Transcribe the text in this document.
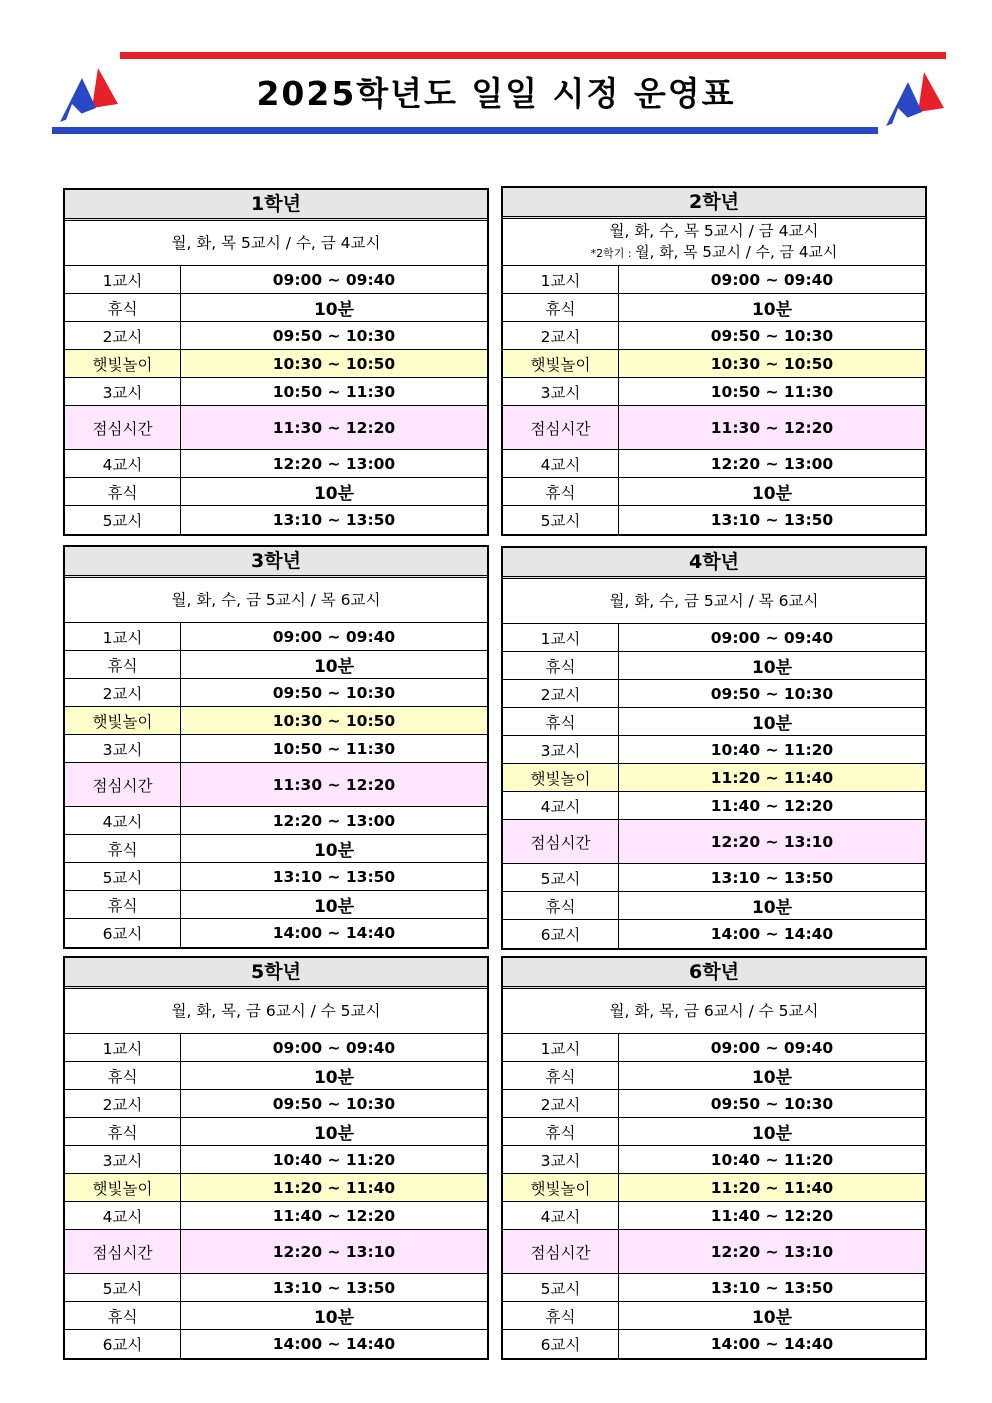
2025학년도 일일 시정 운영표
1학년
월, 화, 목 5교시 / 수, 금 4교시
1교시	09:00 ~ 09:40
휴식	10분
2교시	09:50 ~ 10:30
햇빛놀이	10:30 ~ 10:50
3교시	10:50 ~ 11:30
점심시간	11:30 ~ 12:20
4교시	12:20 ~ 13:00
휴식	10분
5교시	13:10 ~ 13:50
2학년
월, 화, 수, 목 5교시 / 금 4교시
*2학기 : 월, 화, 목 5교시 / 수, 금 4교시
1교시	09:00 ~ 09:40
휴식	10분
2교시	09:50 ~ 10:30
햇빛놀이	10:30 ~ 10:50
3교시	10:50 ~ 11:30
점심시간	11:30 ~ 12:20
4교시	12:20 ~ 13:00
휴식	10분
5교시	13:10 ~ 13:50
3학년
월, 화, 수, 금 5교시 / 목 6교시
1교시	09:00 ~ 09:40
휴식	10분
2교시	09:50 ~ 10:30
햇빛놀이	10:30 ~ 10:50
3교시	10:50 ~ 11:30
점심시간	11:30 ~ 12:20
4교시	12:20 ~ 13:00
휴식	10분
5교시	13:10 ~ 13:50
휴식	10분
6교시	14:00 ~ 14:40
4학년
월, 화, 수, 금 5교시 / 목 6교시
1교시	09:00 ~ 09:40
휴식	10분
2교시	09:50 ~ 10:30
휴식	10분
3교시	10:40 ~ 11:20
햇빛놀이	11:20 ~ 11:40
4교시	11:40 ~ 12:20
점심시간	12:20 ~ 13:10
5교시	13:10 ~ 13:50
휴식	10분
6교시	14:00 ~ 14:40
5학년
월, 화, 목, 금 6교시 / 수 5교시
1교시	09:00 ~ 09:40
휴식	10분
2교시	09:50 ~ 10:30
휴식	10분
3교시	10:40 ~ 11:20
햇빛놀이	11:20 ~ 11:40
4교시	11:40 ~ 12:20
점심시간	12:20 ~ 13:10
5교시	13:10 ~ 13:50
휴식	10분
6교시	14:00 ~ 14:40
6학년
월, 화, 목, 금 6교시 / 수 5교시
1교시	09:00 ~ 09:40
휴식	10분
2교시	09:50 ~ 10:30
휴식	10분
3교시	10:40 ~ 11:20
햇빛놀이	11:20 ~ 11:40
4교시	11:40 ~ 12:20
점심시간	12:20 ~ 13:10
5교시	13:10 ~ 13:50
휴식	10분
6교시	14:00 ~ 14:40
